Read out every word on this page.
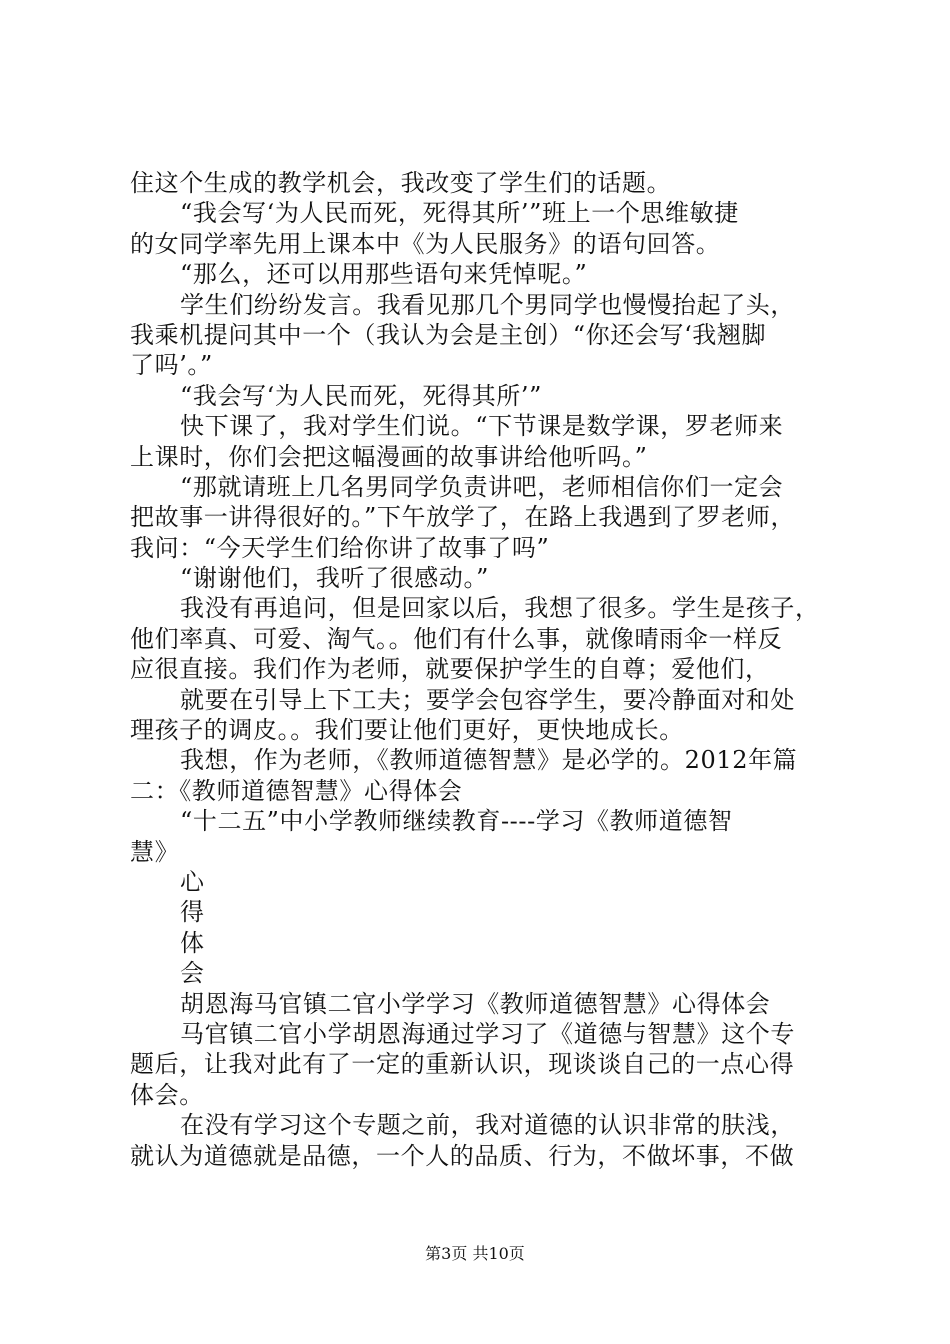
住这个生成的教学机会，我改变了学生们的话题。
“我会写‘为人民而死，死得其所’”班上一个思维敏捷
的女同学率先用上课本中《为人民服务》的语句回答。
“那么，还可以用那些语句来凭悼呢。”
学生们纷纷发言。我看见那几个男同学也慢慢抬起了头，
我乘机提问其中一个（我认为会是主创）“你还会写‘我翘脚
了吗’。”
“我会写‘为人民而死，死得其所’”
快下课了，我对学生们说。“下节课是数学课，罗老师来
上课时，你们会把这幅漫画的故事讲给他听吗。”
“那就请班上几名男同学负责讲吧，老师相信你们一定会
把故事一讲得很好的。”下午放学了，在路上我遇到了罗老师，
我问：“今天学生们给你讲了故事了吗”
“谢谢他们，我听了很感动。”
我没有再追问，但是回家以后，我想了很多。学生是孩子，
他们率真、可爱、淘气。。他们有什么事，就像晴雨伞一样反
应很直接。我们作为老师，就要保护学生的自尊；爱他们，
就要在引导上下工夫；要学会包容学生，要冷静面对和处
理孩子的调皮。。我们要让他们更好，更快地成长。
我想，作为老师，《教师道德智慧》是必学的。2012年篇
二：《教师道德智慧》心得体会
“十二五”中小学教师继续教育----学习《教师道德智
慧》
心
得
体
会
胡恩海马官镇二官小学学习《教师道德智慧》心得体会
马官镇二官小学胡恩海通过学习了《道德与智慧》这个专
题后，让我对此有了一定的重新认识，现谈谈自己的一点心得
体会。
在没有学习这个专题之前，我对道德的认识非常的肤浅，
就认为道德就是品德，一个人的品质、行为，不做坏事，不做
第3页 共10页
